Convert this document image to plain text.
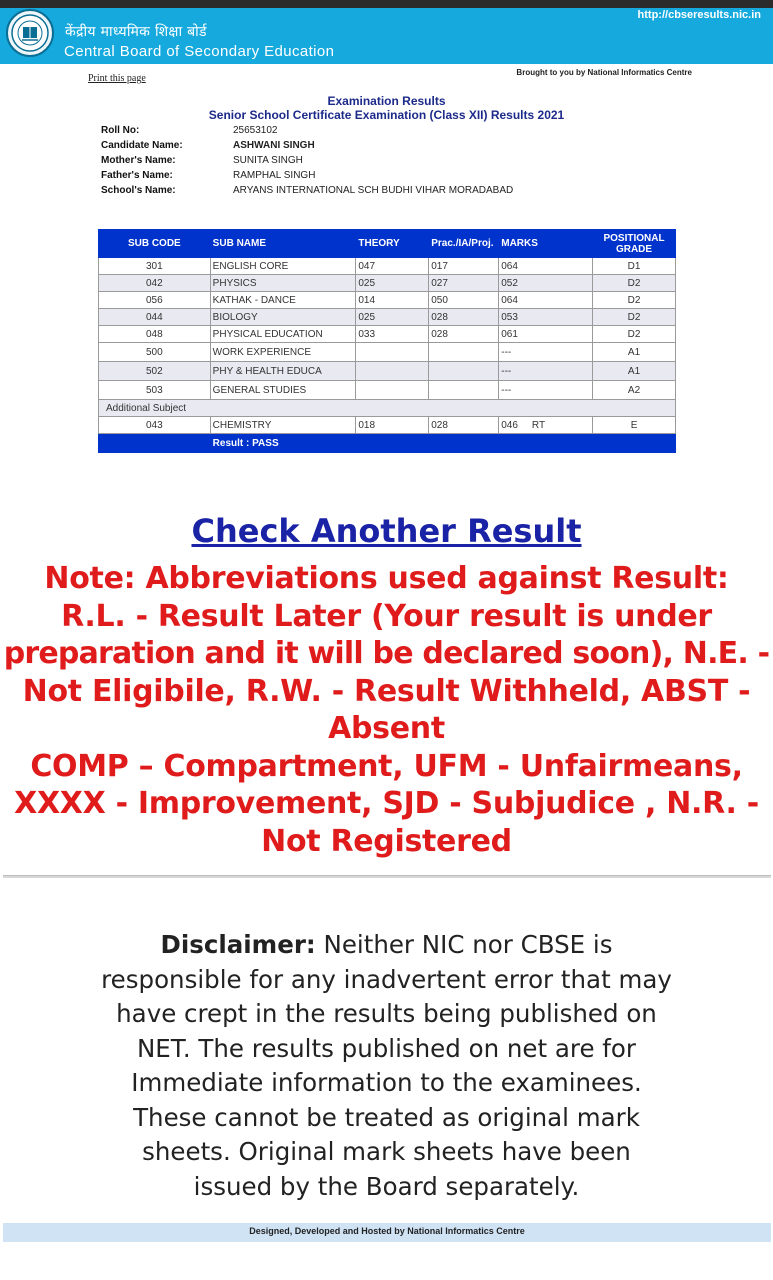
केंद्रीय माध्यमिक शिक्षा बोर्ड
Central Board of Secondary Education
http://cbseresults.nic.in
Print this page
Brought to you by National Informatics Centre
Examination Results
Senior School Certificate Examination (Class XII) Results 2021
Roll No:	25653102
Candidate Name:	ASHWANI SINGH
Mother's Name:	SUNITA SINGH
Father's Name:	RAMPHAL SINGH
School's Name:	ARYANS INTERNATIONAL SCH BUDHI VIHAR MORADABAD
SUB CODE	SUB NAME	THEORY	Prac./IA/Proj.	MARKS	POSITIONAL GRADE
301	ENGLISH CORE	047	017	064	D1
042	PHYSICS	025	027	052	D2
056	KATHAK - DANCE	014	050	064	D2
044	BIOLOGY	025	028	053	D2
048	PHYSICAL EDUCATION	033	028	061	D2
500	WORK EXPERIENCE			---	A1
502	PHY & HEALTH EDUCA			---	A1
503	GENERAL STUDIES			---	A2
Additional Subject					
043	CHEMISTRY	018	028	046 RT	E
	Result : PASS				
Check Another Result
Note: Abbreviations used against Result:
R.L. - Result Later (Your result is under
preparation and it will be declared soon), N.E. -
Not Eligibile, R.W. - Result Withheld, ABST -
Absent
COMP – Compartment, UFM - Unfairmeans,
XXXX - Improvement, SJD - Subjudice , N.R. -
Not Registered
Disclaimer: Neither NIC nor CBSE is responsible for any inadvertent error that may have crept in the results being published on NET. The results published on net are for Immediate information to the examinees. These cannot be treated as original mark sheets. Original mark sheets have been issued by the Board separately.
Designed, Developed and Hosted by National Informatics Centre
